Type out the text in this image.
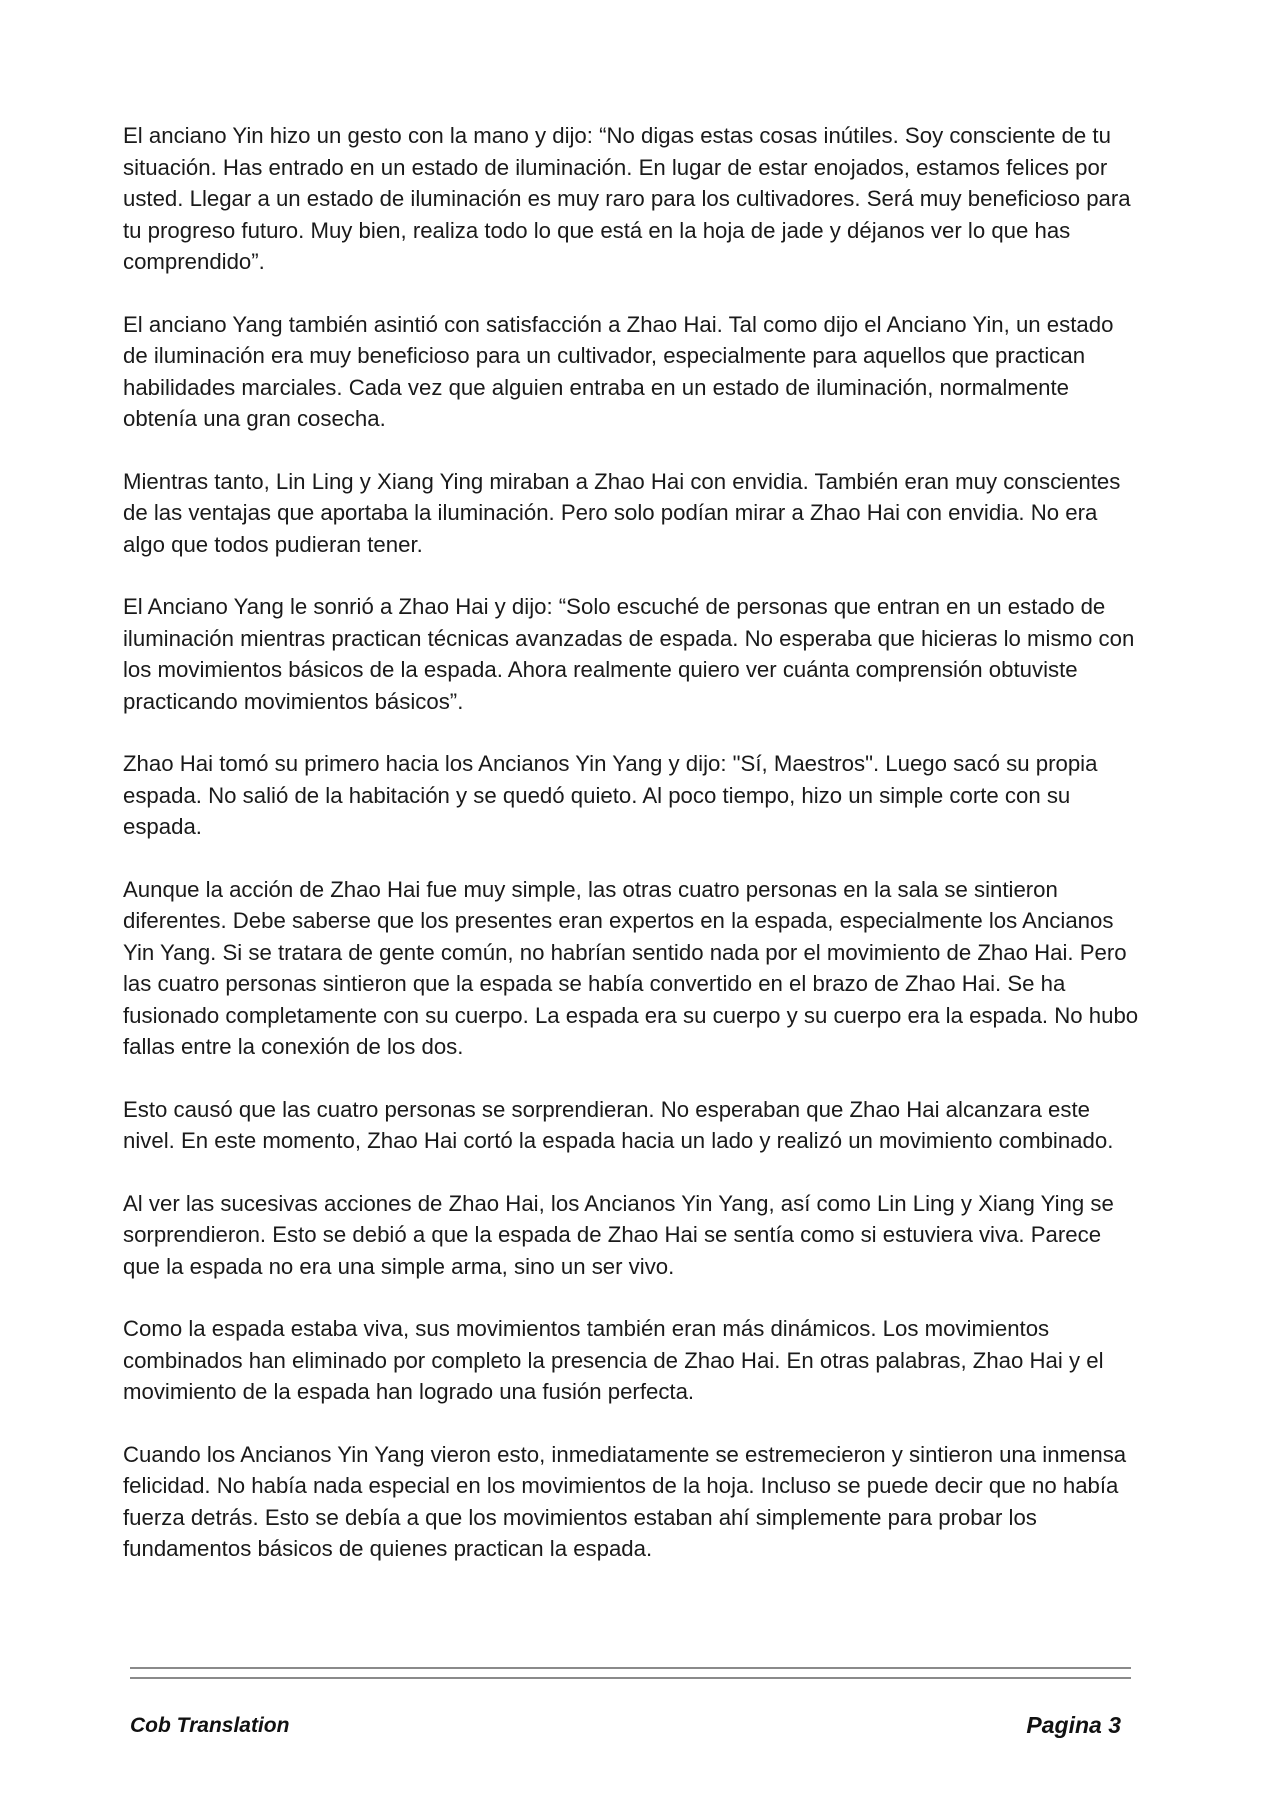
El anciano Yin hizo un gesto con la mano y dijo: “No digas estas cosas inútiles. Soy consciente de tu situación. Has entrado en un estado de iluminación. En lugar de estar enojados, estamos felices por usted. Llegar a un estado de iluminación es muy raro para los cultivadores. Será muy beneficioso para tu progreso futuro. Muy bien, realiza todo lo que está en la hoja de jade y déjanos ver lo que has comprendido”.

El anciano Yang también asintió con satisfacción a Zhao Hai. Tal como dijo el Anciano Yin, un estado de iluminación era muy beneficioso para un cultivador, especialmente para aquellos que practican habilidades marciales. Cada vez que alguien entraba en un estado de iluminación, normalmente obtenía una gran cosecha.

Mientras tanto, Lin Ling y Xiang Ying miraban a Zhao Hai con envidia. También eran muy conscientes de las ventajas que aportaba la iluminación. Pero solo podían mirar a Zhao Hai con envidia. No era algo que todos pudieran tener.

El Anciano Yang le sonrió a Zhao Hai y dijo: “Solo escuché de personas que entran en un estado de iluminación mientras practican técnicas avanzadas de espada. No esperaba que hicieras lo mismo con los movimientos básicos de la espada. Ahora realmente quiero ver cuánta comprensión obtuviste practicando movimientos básicos”.

Zhao Hai tomó su primero hacia los Ancianos Yin Yang y dijo: "Sí, Maestros". Luego sacó su propia espada. No salió de la habitación y se quedó quieto. Al poco tiempo, hizo un simple corte con su espada.

Aunque la acción de Zhao Hai fue muy simple, las otras cuatro personas en la sala se sintieron diferentes. Debe saberse que los presentes eran expertos en la espada, especialmente los Ancianos Yin Yang. Si se tratara de gente común, no habrían sentido nada por el movimiento de Zhao Hai. Pero las cuatro personas sintieron que la espada se había convertido en el brazo de Zhao Hai. Se ha fusionado completamente con su cuerpo. La espada era su cuerpo y su cuerpo era la espada. No hubo fallas entre la conexión de los dos.

Esto causó que las cuatro personas se sorprendieran. No esperaban que Zhao Hai alcanzara este nivel. En este momento, Zhao Hai cortó la espada hacia un lado y realizó un movimiento combinado.

Al ver las sucesivas acciones de Zhao Hai, los Ancianos Yin Yang, así como Lin Ling y Xiang Ying se sorprendieron. Esto se debió a que la espada de Zhao Hai se sentía como si estuviera viva. Parece que la espada no era una simple arma, sino un ser vivo.

Como la espada estaba viva, sus movimientos también eran más dinámicos. Los movimientos combinados han eliminado por completo la presencia de Zhao Hai. En otras palabras, Zhao Hai y el movimiento de la espada han logrado una fusión perfecta.

Cuando los Ancianos Yin Yang vieron esto, inmediatamente se estremecieron y sintieron una inmensa felicidad. No había nada especial en los movimientos de la hoja. Incluso se puede decir que no había fuerza detrás. Esto se debía a que los movimientos estaban ahí simplemente para probar los fundamentos básicos de quienes practican la espada.

Cob Translation	Pagina 3
